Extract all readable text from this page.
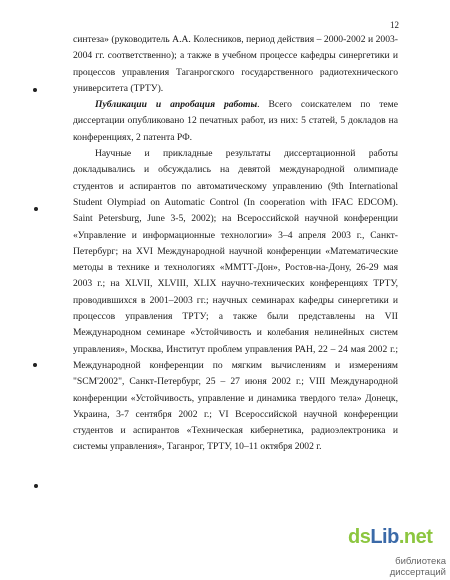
12

синтеза» (руководитель А.А. Колесников, период действия – 2000-2002 и 2003-2004 гг. соответственно); а также в учебном процессе кафедры синергетики и процессов управления Таганрогского государственного радиотехнического университета (ТРТУ).

Публикации и апробация работы. Всего соискателем по теме диссертации опубликовано 12 печатных работ, из них: 5 статей, 5 докладов на конференциях, 2 патента РФ.

Научные и прикладные результаты диссертационной работы докладывались и обсуждались на девятой международной олимпиаде студентов и аспирантов по автоматическому управлению (9th International Student Olympiad on Automatic Control (In cooperation with IFAC EDCOM). Saint Petersburg, June 3-5, 2002); на Всероссийской научной конференции «Управление и информационные технологии» 3–4 апреля 2003 г., Санкт-Петербург; на XVI Международной научной конференции «Математические методы в технике и технологиях «ММТТ-Дон», Ростов-на-Дону, 26-29 мая 2003 г.; на XLVII, XLVIII, XLIX научно-технических конференциях ТРТУ, проводившихся в 2001–2003 гг.; научных семинарах кафедры синергетики и процессов управления ТРТУ; а также были представлены на VII Международном семинаре «Устойчивость и колебания нелинейных систем управления», Москва, Институт проблем управления РАН, 22 – 24 мая 2002 г.; Международной конференции по мягким вычислениям и измерениям "SCM'2002", Санкт-Петербург, 25 – 27 июня 2002 г.; VIII Международной конференции «Устойчивость, управление и динамика твердого тела» Донецк, Украина, 3-7 сентября 2002 г.; VI Всероссийской научной конференции студентов и аспирантов «Техническая кибернетика, радиоэлектроника и системы управления», Таганрог, ТРТУ, 10–11 октября 2002 г.

dsLib.net
библиотека диссертаций
